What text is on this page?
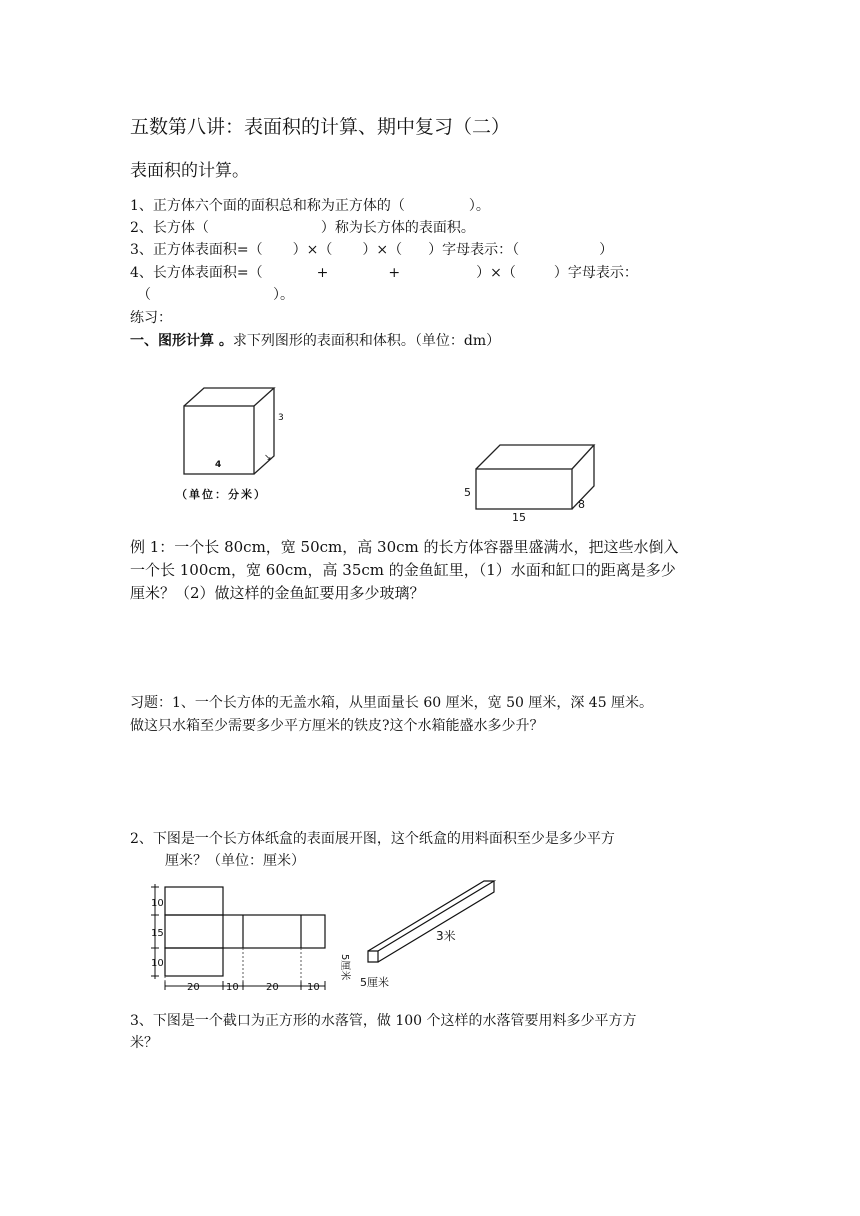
五数第八讲：表面积的计算、期中复习（二）
表面积的计算。
1、正方体六个面的面积总和称为正方体的（	）。
2、长方体（	）称为长方体的表面积。
3、正方体表面积=（ ）×（ ）×（ ）字母表示：（	）
4、长方体表面积=（	+	+	）×（	）字母表示：
（	）。
练习：
一、图形计算 。求下列图形的表面积和体积。（单位：dm）
3
↘
4
（单位：分米）	5
8
15
例 1：一个长 80cm，宽 50cm，高 30cm 的长方体容器里盛满水，把这些水倒入
一个长 100cm，宽 60cm，高 35cm 的金鱼缸里，（1）水面和缸口的距离是多少
厘米？（2）做这样的金鱼缸要用多少玻璃？
习题：1、一个长方体的无盖水箱，从里面量长 60 厘米，宽 50 厘米，深 45 厘米。
做这只水箱至少需要多少平方厘米的铁皮?这个水箱能盛水多少升？
2、下图是一个长方体纸盒的表面展开图，这个纸盒的用料面积至少是多少平方
厘米？（单位：厘米）
10
15
10
20	10	20	10
3米
5厘米
5厘米
3、下图是一个截口为正方形的水落管，做 100 个这样的水落管要用料多少平方方
米？
